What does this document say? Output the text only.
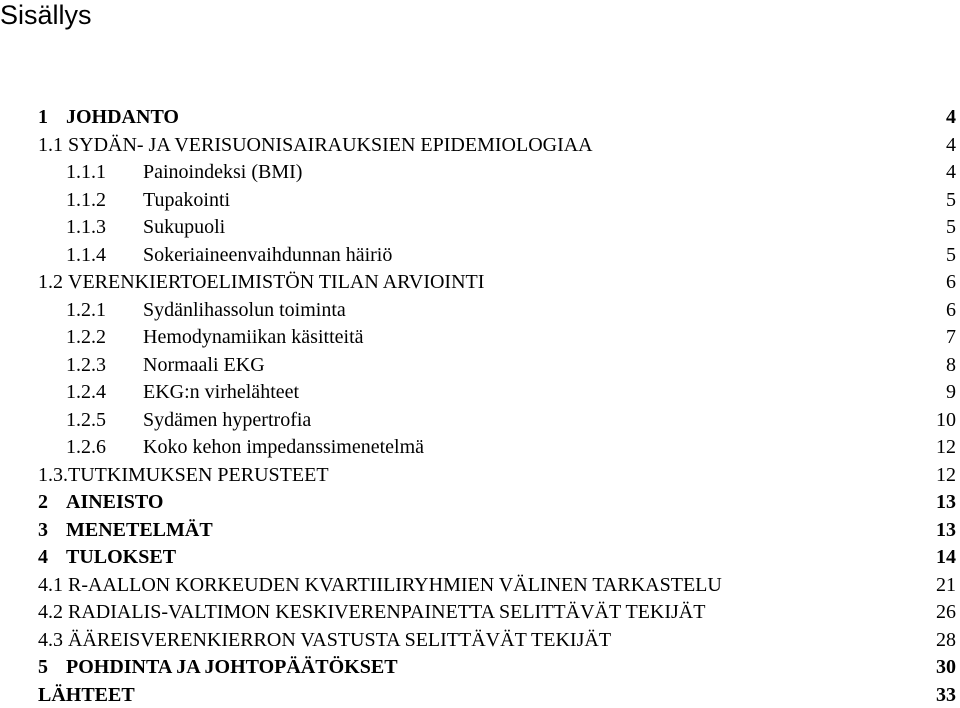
Sisällys
1 JOHDANTO	4
1.1 SYDÄN- JA VERISUONISAIRAUKSIEN EPIDEMIOLOGIAA	4
1.1.1 Painoindeksi (BMI)	4
1.1.2 Tupakointi	5
1.1.3 Sukupuoli	5
1.1.4 Sokeriaineenvaihdunnan häiriö	5
1.2 VERENKIERTOELIMISTÖN TILAN ARVIOINTI	6
1.2.1 Sydänlihassolun toiminta	6
1.2.2 Hemodynamiikan käsitteitä	7
1.2.3 Normaali EKG	8
1.2.4 EKG:n virhelähteet	9
1.2.5 Sydämen hypertrofia	10
1.2.6 Koko kehon impedanssimenetelmä	12
1.3. TUTKIMUKSEN PERUSTEET	12
2 AINEISTO	13
3 MENETELMÄT	13
4 TULOKSET	14
4.1 R-AALLON KORKEUDEN KVARTIILIRYHMIEN VÄLINEN TARKASTELU	21
4.2 RADIALIS-VALTIMON KESKIVERENPAINETTA SELITTÄVÄT TEKIJÄT	26
4.3 ÄÄREISVERENKIERRON VASTUSTA SELITTÄVÄT TEKIJÄT	28
5 POHDINTA JA JOHTOPÄÄTÖKSET	30
LÄHTEET	33
